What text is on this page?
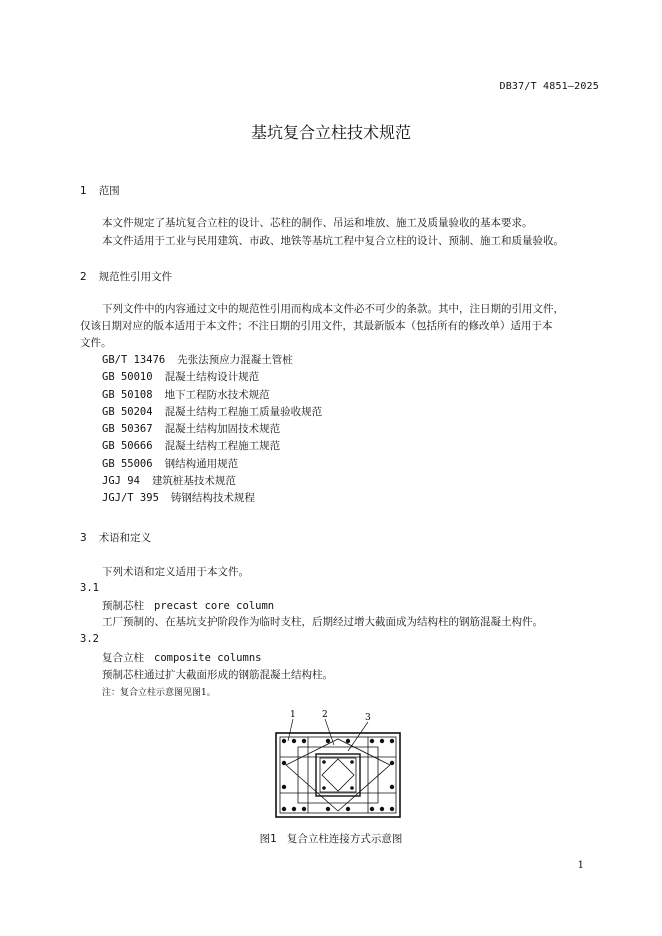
DB37/T 4851—2025
基坑复合立柱技术规范
1 范围
本文件规定了基坑复合立柱的设计、芯柱的制作、吊运和堆放、施工及质量验收的基本要求。
本文件适用于工业与民用建筑、市政、地铁等基坑工程中复合立柱的设计、预制、施工和质量验收。
2 规范性引用文件
下列文件中的内容通过文中的规范性引用而构成本文件必不可少的条款。其中，注日期的引用文件，
仅该日期对应的版本适用于本文件；不注日期的引用文件，其最新版本（包括所有的修改单）适用于本
文件。
GB/T 13476 先张法预应力混凝土管桩
GB 50010 混凝土结构设计规范
GB 50108 地下工程防水技术规范
GB 50204 混凝土结构工程施工质量验收规范
GB 50367 混凝土结构加固技术规范
GB 50666 混凝土结构工程施工规范
GB 55006 钢结构通用规范
JGJ 94 建筑桩基技术规范
JGJ/T 395 铸钢结构技术规程
3 术语和定义
下列术语和定义适用于本文件。
3.1
预制芯柱 precast core column
工厂预制的、在基坑支护阶段作为临时支柱，后期经过增大截面成为结构柱的钢筋混凝土构件。
3.2
复合立柱 composite columns
预制芯柱通过扩大截面形成的钢筋混凝土结构柱。
注：复合立柱示意图见图1。
1	2	3
图1 复合立柱连接方式示意图
1
